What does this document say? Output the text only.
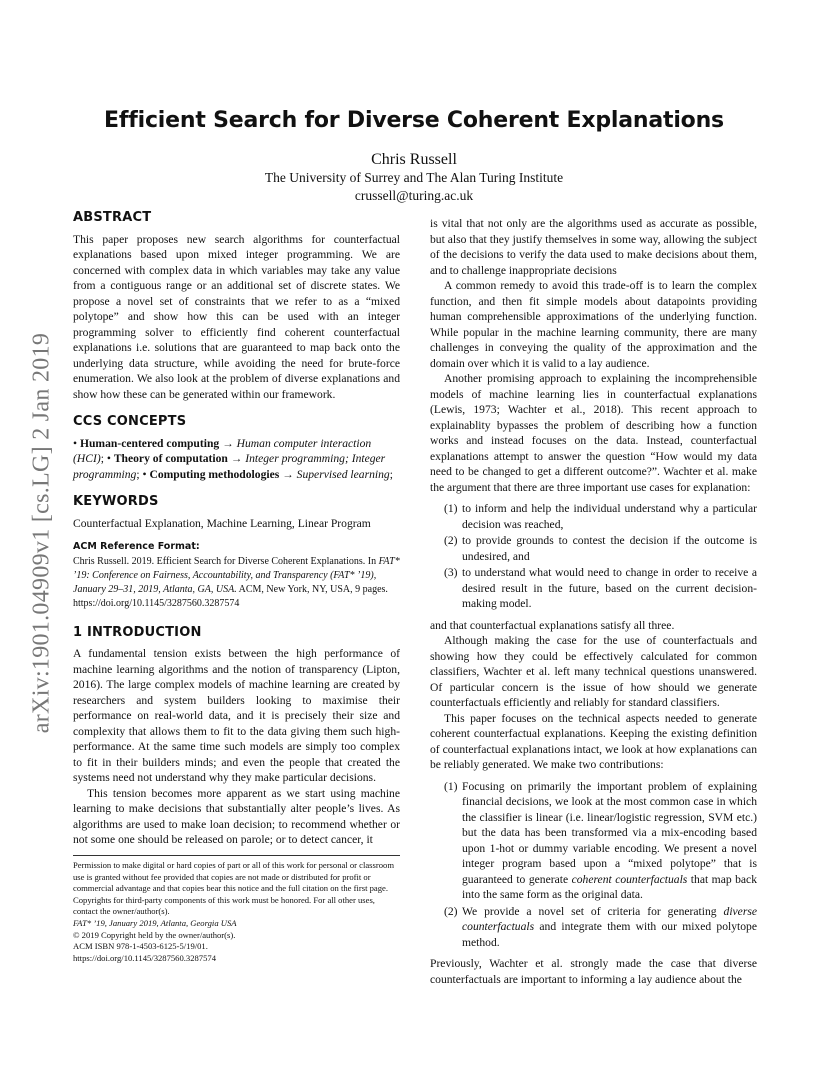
Efficient Search for Diverse Coherent Explanations
Chris Russell
The University of Surrey and The Alan Turing Institute
crussell@turing.ac.uk
arXiv:1901.04909v1 [cs.LG] 2 Jan 2019
ABSTRACT

This paper proposes new search algorithms for counterfactual explanations based upon mixed integer programming. We are concerned with complex data in which variables may take any value from a contiguous range or an additional set of discrete states. We propose a novel set of constraints that we refer to as a “mixed polytope” and show how this can be used with an integer programming solver to efficiently find coherent counterfactual explanations i.e. solutions that are guaranteed to map back onto the underlying data structure, while avoiding the need for brute-force enumeration. We also look at the problem of diverse explanations and show how these can be generated within our framework.

CCS CONCEPTS

• Human-centered computing → Human computer interaction (HCI); • Theory of computation → Integer programming; Integer programming; • Computing methodologies → Supervised learning;

KEYWORDS

Counterfactual Explanation, Machine Learning, Linear Program

ACM Reference Format:

Chris Russell. 2019. Efficient Search for Diverse Coherent Explanations. In FAT* ’19: Conference on Fairness, Accountability, and Transparency (FAT* ’19), January 29–31, 2019, Atlanta, GA, USA. ACM, New York, NY, USA, 9 pages. https://doi.org/10.1145/3287560.3287574

1 INTRODUCTION

A fundamental tension exists between the high performance of machine learning algorithms and the notion of transparency (Lipton, 2016). The large complex models of machine learning are created by researchers and system builders looking to maximise their performance on real-world data, and it is precisely their size and complexity that allows them to fit to the data giving them such high-performance. At the same time such models are simply too complex to fit in their builders minds; and even the people that created the systems need not understand why they make particular decisions.

This tension becomes more apparent as we start using machine learning to make decisions that substantially alter people’s lives. As algorithms are used to make loan decision; to recommend whether or not some one should be released on parole; or to detect cancer, it

Permission to make digital or hard copies of part or all of this work for personal or classroom use is granted without fee provided that copies are not made or distributed for profit or commercial advantage and that copies bear this notice and the full citation on the first page. Copyrights for third-party components of this work must be honored. For all other uses, contact the owner/author(s).
FAT* ’19, January 2019, Atlanta, Georgia USA
© 2019 Copyright held by the owner/author(s).
ACM ISBN 978-1-4503-6125-5/19/01.
https://doi.org/10.1145/3287560.3287574

is vital that not only are the algorithms used as accurate as possible, but also that they justify themselves in some way, allowing the subject of the decisions to verify the data used to make decisions about them, and to challenge inappropriate decisions

A common remedy to avoid this trade-off is to learn the complex function, and then fit simple models about datapoints providing human comprehensible approximations of the underlying function. While popular in the machine learning community, there are many challenges in conveying the quality of the approximation and the domain over which it is valid to a lay audience.

Another promising approach to explaining the incomprehensible models of machine learning lies in counterfactual explanations (Lewis, 1973; Wachter et al., 2018). This recent approach to explainablity bypasses the problem of describing how a function works and instead focuses on the data. Instead, counterfactual explanations attempt to answer the question “How would my data need to be changed to get a different outcome?”. Wachter et al. make the argument that there are three important use cases for explanation:

(1) to inform and help the individual understand why a particular decision was reached,
(2) to provide grounds to contest the decision if the outcome is undesired, and
(3) to understand what would need to change in order to receive a desired result in the future, based on the current decision-making model.

and that counterfactual explanations satisfy all three.

Although making the case for the use of counterfactuals and showing how they could be effectively calculated for common classifiers, Wachter et al. left many technical questions unanswered. Of particular concern is the issue of how should we generate counterfactuals efficiently and reliably for standard classifiers.

This paper focuses on the technical aspects needed to generate coherent counterfactual explanations. Keeping the existing definition of counterfactual explanations intact, we look at how explanations can be reliably generated. We make two contributions:

(1) Focusing on primarily the important problem of explaining financial decisions, we look at the most common case in which the classifier is linear (i.e. linear/logistic regression, SVM etc.) but the data has been transformed via a mix-encoding based upon 1-hot or dummy variable encoding. We present a novel integer program based upon a “mixed polytope” that is guaranteed to generate coherent counterfactuals that map back into the same form as the original data.
(2) We provide a novel set of criteria for generating diverse counterfactuals and integrate them with our mixed polytope method.

Previously, Wachter et al. strongly made the case that diverse counterfactuals are important to informing a lay audience about the
